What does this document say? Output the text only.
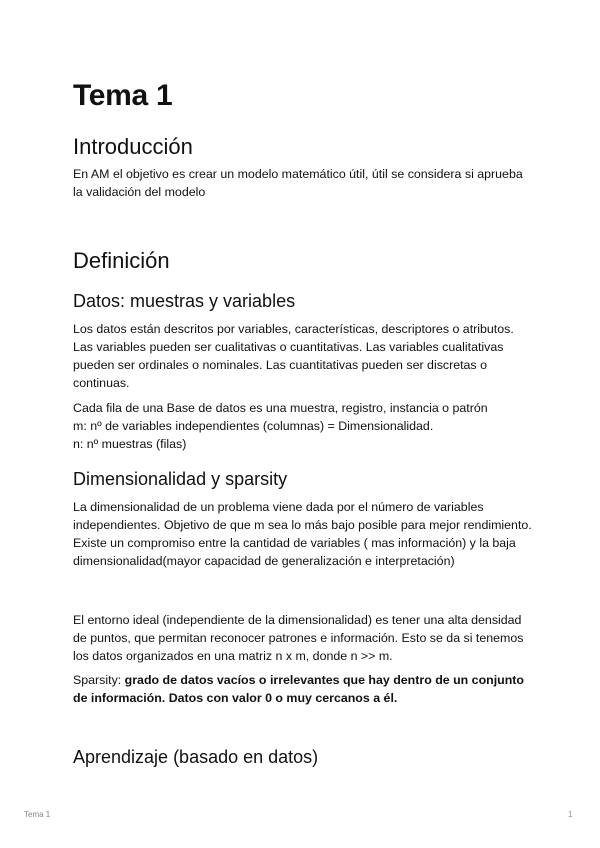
Tema 1
Introducción

En AM el objetivo es crear un modelo matemático útil, útil se considera si aprueba la validación del modelo

Definición
Datos: muestras y variables

Los datos están descritos por variables, características, descriptores o atributos. Las variables pueden ser cualitativas o cuantitativas. Las variables cualitativas pueden ser ordinales o nominales. Las cuantitativas pueden ser discretas o continuas.

Cada fila de una Base de datos es una muestra, registro, instancia o patrón
m: nº de variables independientes (columnas) = Dimensionalidad.
n: nº muestras (filas)

Dimensionalidad y sparsity

La dimensionalidad de un problema viene dada por el número de variables independientes. Objetivo de que m sea lo más bajo posible para mejor rendimiento. Existe un compromiso entre la cantidad de variables ( mas información) y la baja dimensionalidad(mayor capacidad de generalización e interpretación)

El entorno ideal (independiente de la dimensionalidad) es tener una alta densidad de puntos, que permitan reconocer patrones e información. Esto se da si tenemos los datos organizados en una matriz n x m, donde n >> m.

Sparsity: grado de datos vacíos o irrelevantes que hay dentro de un conjunto de información. Datos con valor 0 o muy cercanos a él.

Aprendizaje (basado en datos)
Tema 1	1
